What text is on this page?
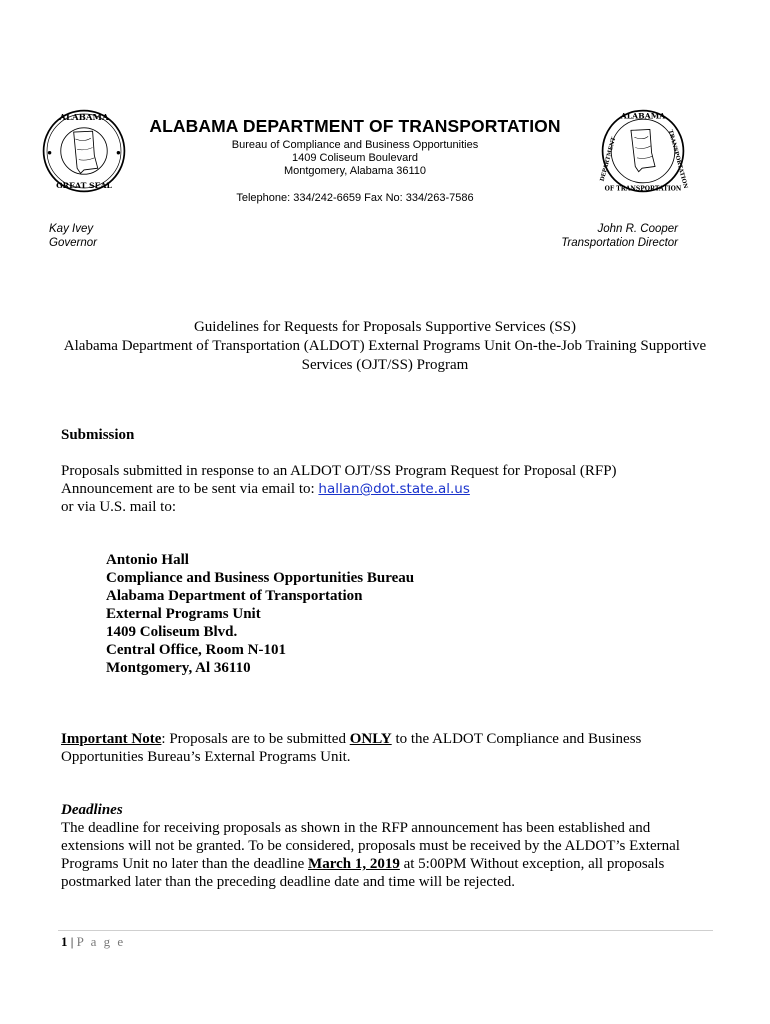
ALABAMA
GREAT SEAL
ALABAMA
OF TRANSPORTATION
DEPARTMENT	TRANSPORTATION
ALABAMA DEPARTMENT OF TRANSPORTATION
Bureau of Compliance and Business Opportunities
1409 Coliseum Boulevard
Montgomery, Alabama 36110
Telephone: 334/242-6659 Fax No: 334/263-7586
Kay Ivey
Governor
John R. Cooper
Transportation Director
Guidelines for Requests for Proposals Supportive Services (SS)
Alabama Department of Transportation (ALDOT) External Programs Unit On-the-Job Training Supportive
Services (OJT/SS) Program
Submission
Proposals submitted in response to an ALDOT OJT/SS Program Request for Proposal (RFP)
Announcement are to be sent via email to: hallan@dot.state.al.us
or via U.S. mail to:
Antonio Hall
Compliance and Business Opportunities Bureau
Alabama Department of Transportation
External Programs Unit
1409 Coliseum Blvd.
Central Office, Room N-101
Montgomery, Al 36110
Important Note: Proposals are to be submitted ONLY to the ALDOT Compliance and Business
Opportunities Bureau’s External Programs Unit.
Deadlines
The deadline for receiving proposals as shown in the RFP announcement has been established and
extensions will not be granted. To be considered, proposals must be received by the ALDOT’s External
Programs Unit no later than the deadline March 1, 2019 at 5:00PM Without exception, all proposals
postmarked later than the preceding deadline date and time will be rejected.
1 | P a g e
